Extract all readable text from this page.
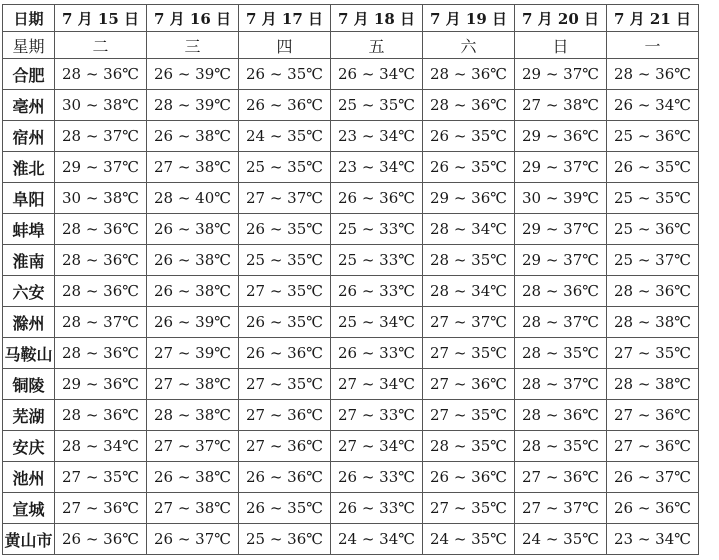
日期	7 月 15 日	7 月 16 日	7 月 17 日	7 月 18 日	7 月 19 日	7 月 20 日	7 月 21 日
星期	二	三	四	五	六	日	一
合肥	28 ~ 36℃	26 ~ 39℃	26 ~ 35℃	26 ~ 34℃	28 ~ 36℃	29 ~ 37℃	28 ~ 36℃
亳州	30 ~ 38℃	28 ~ 39℃	26 ~ 36℃	25 ~ 35℃	28 ~ 36℃	27 ~ 38℃	26 ~ 34℃
宿州	28 ~ 37℃	26 ~ 38℃	24 ~ 35℃	23 ~ 34℃	26 ~ 35℃	29 ~ 36℃	25 ~ 36℃
淮北	29 ~ 37℃	27 ~ 38℃	25 ~ 35℃	23 ~ 34℃	26 ~ 35℃	29 ~ 37℃	26 ~ 35℃
阜阳	30 ~ 38℃	28 ~ 40℃	27 ~ 37℃	26 ~ 36℃	29 ~ 36℃	30 ~ 39℃	25 ~ 35℃
蚌埠	28 ~ 36℃	26 ~ 38℃	26 ~ 35℃	25 ~ 33℃	28 ~ 34℃	29 ~ 37℃	25 ~ 36℃
淮南	28 ~ 36℃	26 ~ 38℃	25 ~ 35℃	25 ~ 33℃	28 ~ 35℃	29 ~ 37℃	25 ~ 37℃
六安	28 ~ 36℃	26 ~ 38℃	27 ~ 35℃	26 ~ 33℃	28 ~ 34℃	28 ~ 36℃	28 ~ 36℃
滁州	28 ~ 37℃	26 ~ 39℃	26 ~ 35℃	25 ~ 34℃	27 ~ 37℃	28 ~ 37℃	28 ~ 38℃
马鞍山	28 ~ 36℃	27 ~ 39℃	26 ~ 36℃	26 ~ 33℃	27 ~ 35℃	28 ~ 35℃	27 ~ 35℃
铜陵	29 ~ 36℃	27 ~ 38℃	27 ~ 35℃	27 ~ 34℃	27 ~ 36℃	28 ~ 37℃	28 ~ 38℃
芜湖	28 ~ 36℃	28 ~ 38℃	27 ~ 36℃	27 ~ 33℃	27 ~ 35℃	28 ~ 36℃	27 ~ 36℃
安庆	28 ~ 34℃	27 ~ 37℃	27 ~ 36℃	27 ~ 34℃	28 ~ 35℃	28 ~ 35℃	27 ~ 36℃
池州	27 ~ 35℃	26 ~ 38℃	26 ~ 36℃	26 ~ 33℃	26 ~ 36℃	27 ~ 36℃	26 ~ 37℃
宣城	27 ~ 36℃	27 ~ 38℃	26 ~ 35℃	26 ~ 33℃	27 ~ 35℃	27 ~ 37℃	26 ~ 36℃
黄山市	26 ~ 36℃	26 ~ 37℃	25 ~ 36℃	24 ~ 34℃	24 ~ 35℃	24 ~ 35℃	23 ~ 34℃
